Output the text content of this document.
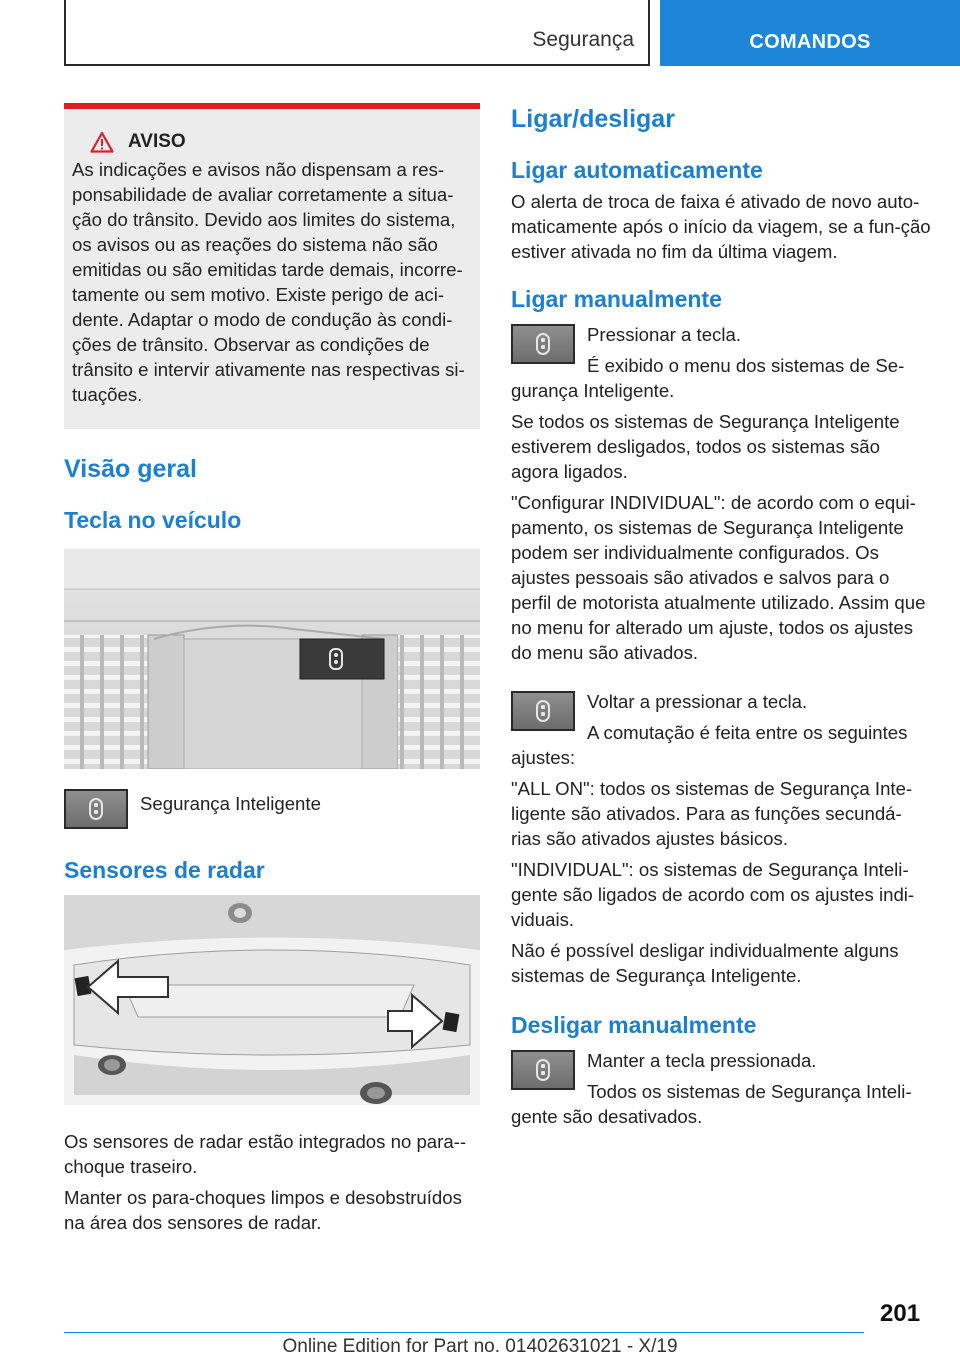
Segurança	COMANDOS
AVISO
As indicações e avisos não dispensam a res-ponsabilidade de avaliar corretamente a situa-ção do trânsito. Devido aos limites do sistema, os avisos ou as reações do sistema não são emitidas ou são emitidas tarde demais, incorre-tamente ou sem motivo. Existe perigo de aci-dente. Adaptar o modo de condução às condi-ções de trânsito. Observar as condições de trânsito e intervir ativamente nas respectivas si-tuações.
Visão geral
Tecla no veículo
Segurança Inteligente
Sensores de radar
Os sensores de radar estão integrados no para--choque traseiro.
Manter os para-choques limpos e desobstruídos na área dos sensores de radar.
Ligar/desligar
Ligar automaticamente
O alerta de troca de faixa é ativado de novo auto-maticamente após o início da viagem, se a fun-ção estiver ativada no fim da última viagem.
Ligar manualmente
Pressionar a tecla.
É exibido o menu dos sistemas de Se-gurança Inteligente.
Se todos os sistemas de Segurança Inteligente estiverem desligados, todos os sistemas são agora ligados.
"Configurar INDIVIDUAL": de acordo com o equi-pamento, os sistemas de Segurança Inteligente podem ser individualmente configurados. Os ajustes pessoais são ativados e salvos para o perfil de motorista atualmente utilizado. Assim que no menu for alterado um ajuste, todos os ajustes do menu são ativados.
Voltar a pressionar a tecla.
A comutação é feita entre os seguintes ajustes:
"ALL ON": todos os sistemas de Segurança Inte-ligente são ativados. Para as funções secundá-rias são ativados ajustes básicos.
"INDIVIDUAL": os sistemas de Segurança Inteli-gente são ligados de acordo com os ajustes indi-viduais.
Não é possível desligar individualmente alguns sistemas de Segurança Inteligente.
Desligar manualmente
Manter a tecla pressionada.
Todos os sistemas de Segurança Inteli-gente são desativados.
201
Online Edition for Part no. 01402631021 - X/19
